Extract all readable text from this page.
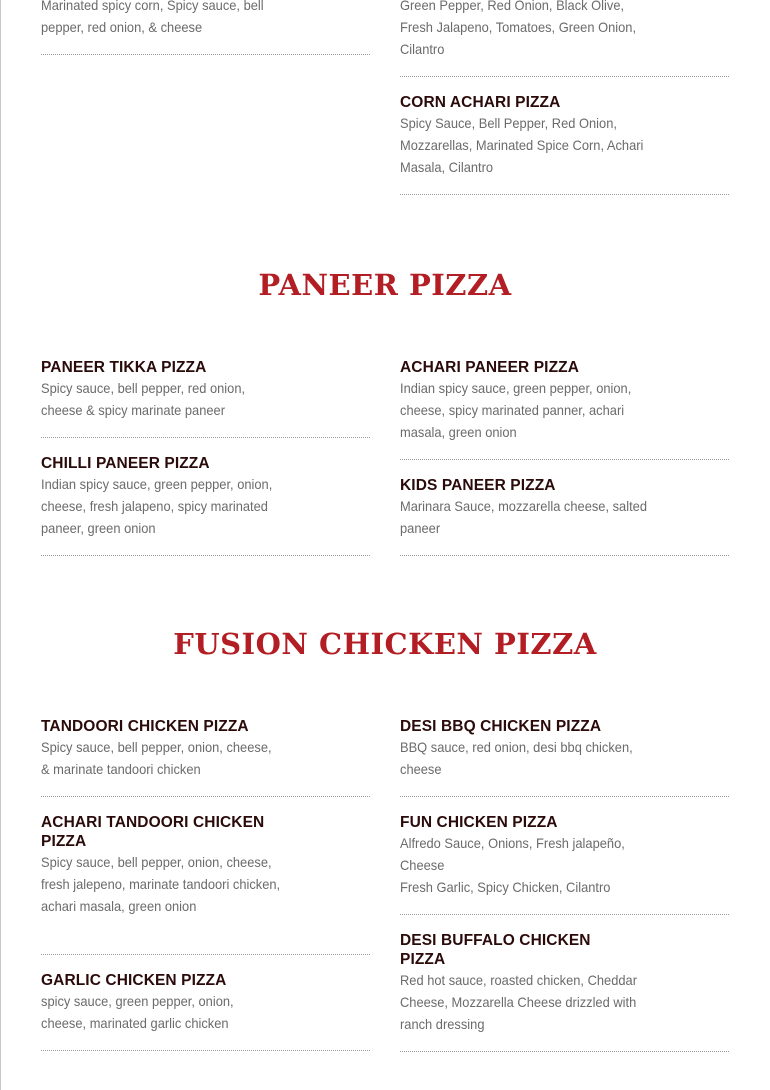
Marinated spicy corn, Spicy sauce, bell pepper, red onion, & cheese
Green Pepper, Red Onion, Black Olive, Fresh Jalapeno, Tomatoes, Green Onion, Cilantro
CORN ACHARI PIZZA
Spicy Sauce, Bell Pepper, Red Onion, Mozzarellas, Marinated Spice Corn, Achari Masala, Cilantro
PANEER PIZZA
PANEER TIKKA PIZZA
Spicy sauce, bell pepper, red onion, cheese & spicy marinate paneer
CHILLI PANEER PIZZA
Indian spicy sauce, green pepper, onion, cheese, fresh jalapeno, spicy marinated paneer, green onion
ACHARI PANEER PIZZA
Indian spicy sauce, green pepper, onion, cheese, spicy marinated panner, achari masala, green onion
KIDS PANEER PIZZA
Marinara Sauce, mozzarella cheese, salted paneer
FUSION CHICKEN PIZZA
TANDOORI CHICKEN PIZZA
Spicy sauce, bell pepper, onion, cheese, & marinate tandoori chicken
ACHARI TANDOORI CHICKEN PIZZA
Spicy sauce, bell pepper, onion, cheese, fresh jalepeno, marinate tandoori chicken, achari masala, green onion
GARLIC CHICKEN PIZZA
spicy sauce, green pepper, onion, cheese, marinated garlic chicken
DESI BBQ CHICKEN PIZZA
BBQ sauce, red onion, desi bbq chicken, cheese
FUN CHICKEN PIZZA
Alfredo Sauce, Onions, Fresh jalapeño, Cheese
Fresh Garlic, Spicy Chicken, Cilantro
DESI BUFFALO CHICKEN PIZZA
Red hot sauce, roasted chicken, Cheddar Cheese, Mozzarella Cheese drizzled with ranch dressing
